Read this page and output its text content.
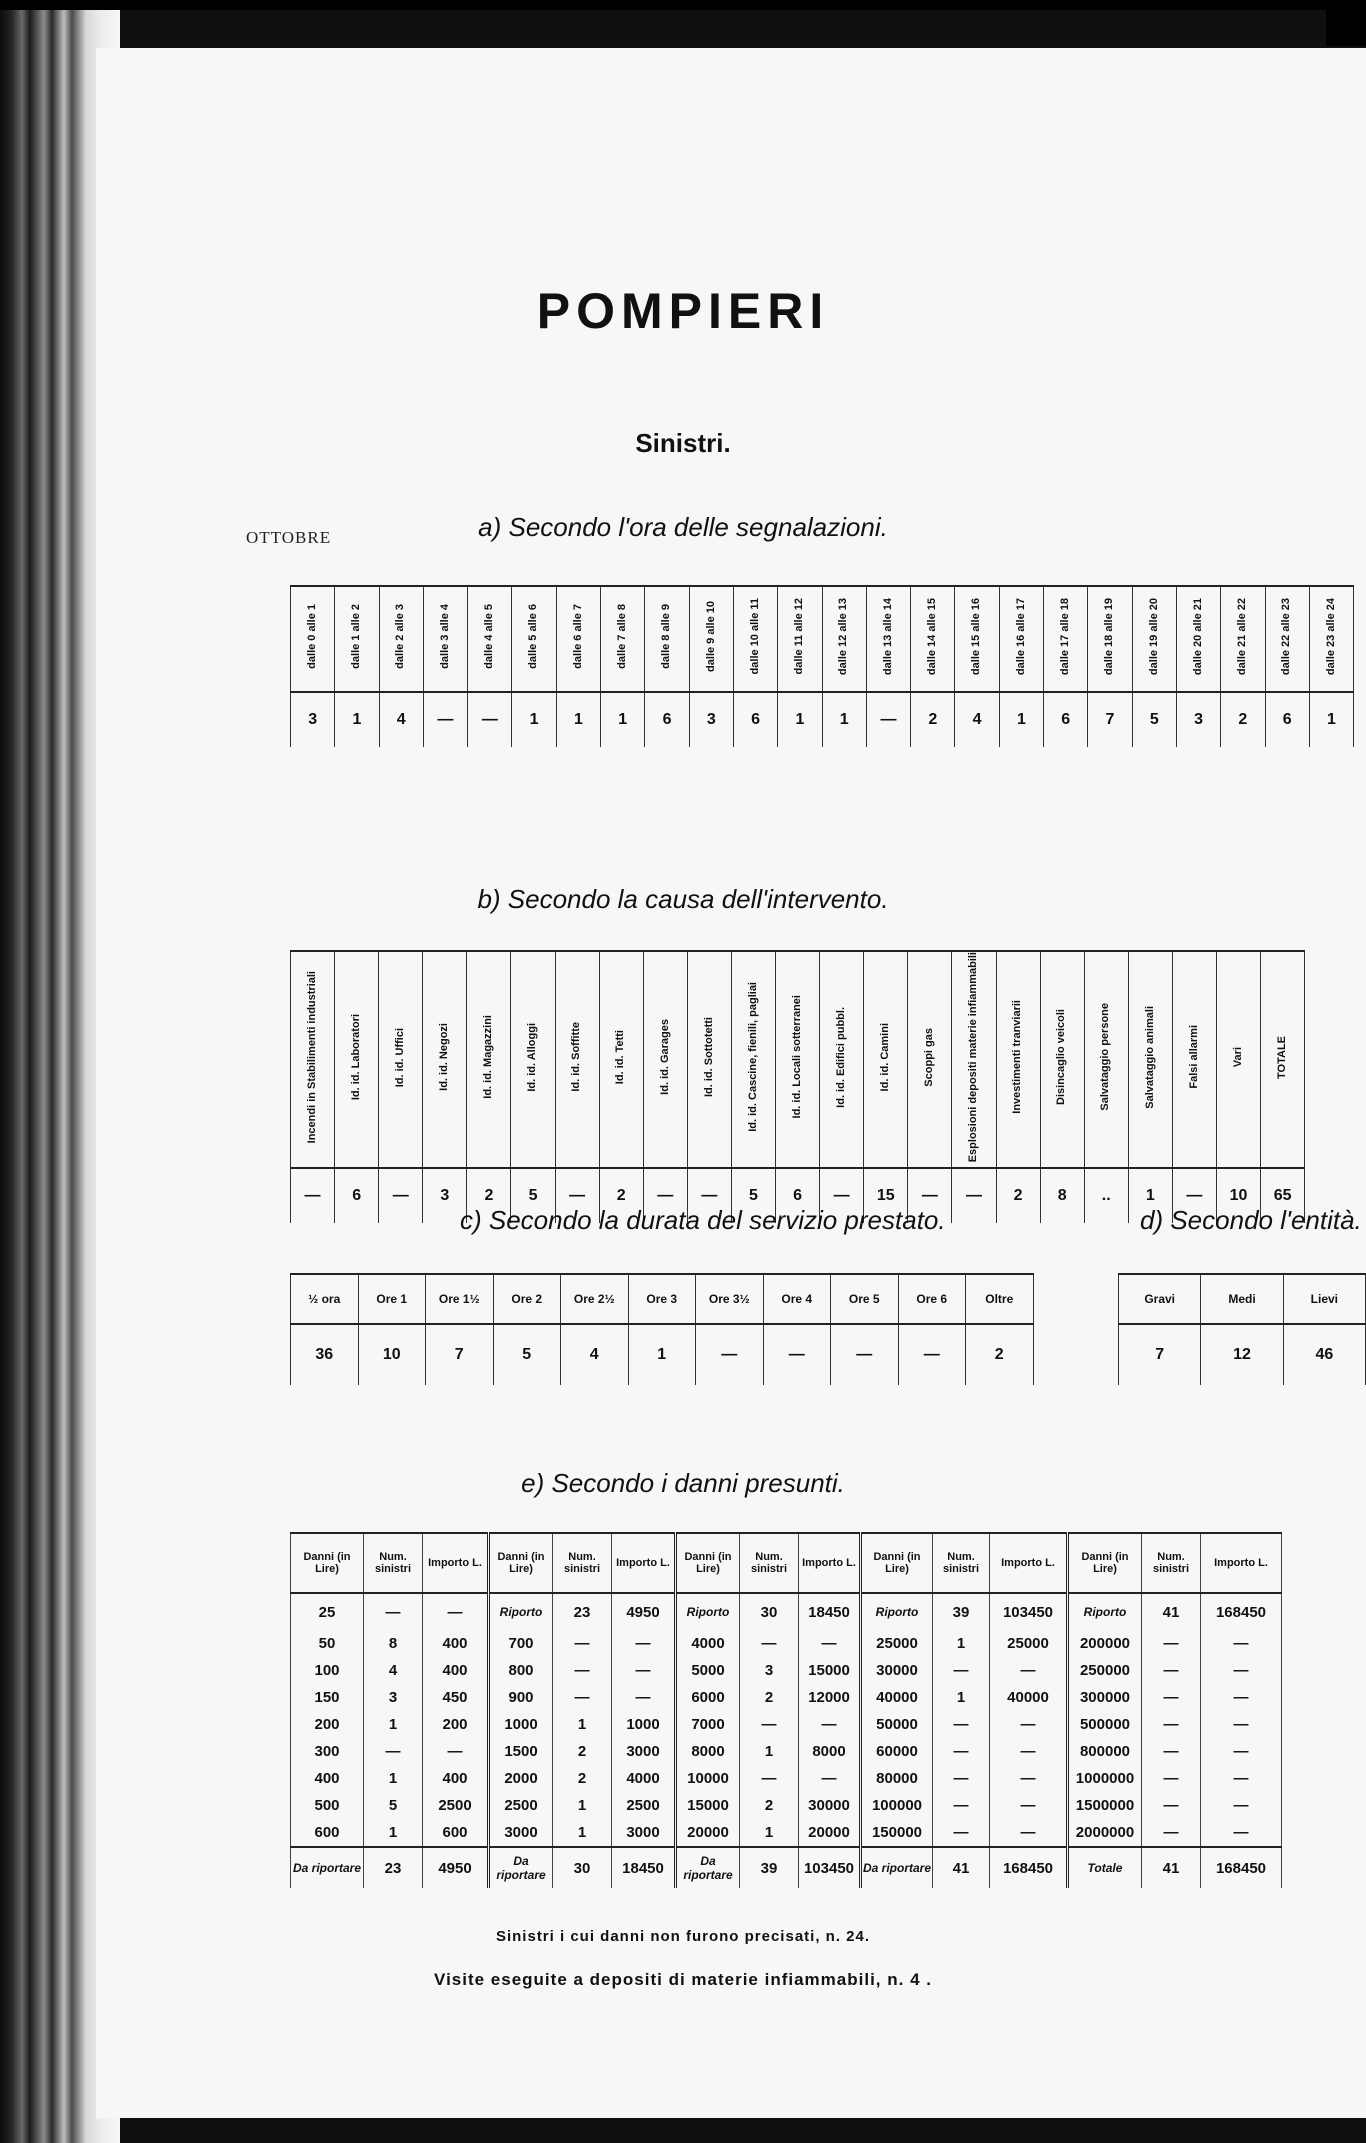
POMPIERI
Sinistri.
OTTOBRE	a) Secondo l'ora delle segnalazioni.
dalle 0 alle 1	dalle 1 alle 2	dalle 2 alle 3	dalle 3 alle 4	dalle 4 alle 5	dalle 5 alle 6	dalle 6 alle 7	dalle 7 alle 8	dalle 8 alle 9	dalle 9 alle 10	dalle 10 alle 11	dalle 11 alle 12	dalle 12 alle 13	dalle 13 alle 14	dalle 14 alle 15	dalle 15 alle 16	dalle 16 alle 17	dalle 17 alle 18	dalle 18 alle 19	dalle 19 alle 20	dalle 20 alle 21	dalle 21 alle 22	dalle 22 alle 23	dalle 23 alle 24
3	1	4	—	—	1	1	1	6	3	6	1	1	—	2	4	1	6	7	5	3	2	6	1
b) Secondo la causa dell'intervento.
Incendi in Stabilimenti industriali	Id. id. Laboratori	Id. id. Uffici	Id. id. Negozi	Id. id. Magazzini	Id. id. Alloggi	Id. id. Soffitte	Id. id. Tetti	Id. id. Garages	Id. id. Sottotetti	Id. id. Cascine, fienili, pagliai	Id. id. Locali sotterranei	Id. id. Edifici pubbl.	Id. id. Camini	Scoppi gas	Esplosioni depositi materie infiammabili	Investimenti tranviarii	Disincaglio veicoli	Salvataggio persone	Salvataggio animali	Falsi allarmi	Vari	TOTALE
—	6	—	3	2	5	—	2	—	—	5	6	—	15	—	—	2	8	..	1	—	10	65
c) Secondo la durata del servizio prestato.
½ ora	Ore 1	Ore 1½	Ore 2	Ore 2½	Ore 3	Ore 3½	Ore 4	Ore 5	Ore 6	Oltre
36	10	7	5	4	1	—	—	—	—	2
d) Secondo l'entità.
Gravi	Medi	Lievi
7	12	46
e) Secondo i danni presunti.
Danni (in Lire)	Num. sinistri	Importo L.	Danni (in Lire)	Num. sinistri	Importo L.	Danni (in Lire)	Num. sinistri	Importo L.	Danni (in Lire)	Num. sinistri	Importo L.	Danni (in Lire)	Num. sinistri	Importo L.
25	—	—	Riporto	23	4950	Riporto	30	18450	Riporto	39	103450	Riporto	41	168450
50	8	400	700	—	—	4000	—	—	25000	1	25000	200000	—	—
100	4	400	800	—	—	5000	3	15000	30000	—	—	250000	—	—
150	3	450	900	—	—	6000	2	12000	40000	1	40000	300000	—	—
200	1	200	1000	1	1000	7000	—	—	50000	—	—	500000	—	—
300	—	—	1500	2	3000	8000	1	8000	60000	—	—	800000	—	—
400	1	400	2000	2	4000	10000	—	—	80000	—	—	1000000	—	—
500	5	2500	2500	1	2500	15000	2	30000	100000	—	—	1500000	—	—
600	1	600	3000	1	3000	20000	1	20000	150000	—	—	2000000	—	—
Da riportare	23	4950	Da riportare	30	18450	Da riportare	39	103450	Da riportare	41	168450	Totale	41	168450
Sinistri i cui danni non furono precisati, n. 24.
Visite eseguite a depositi di materie infiammabili, n. 4 .
